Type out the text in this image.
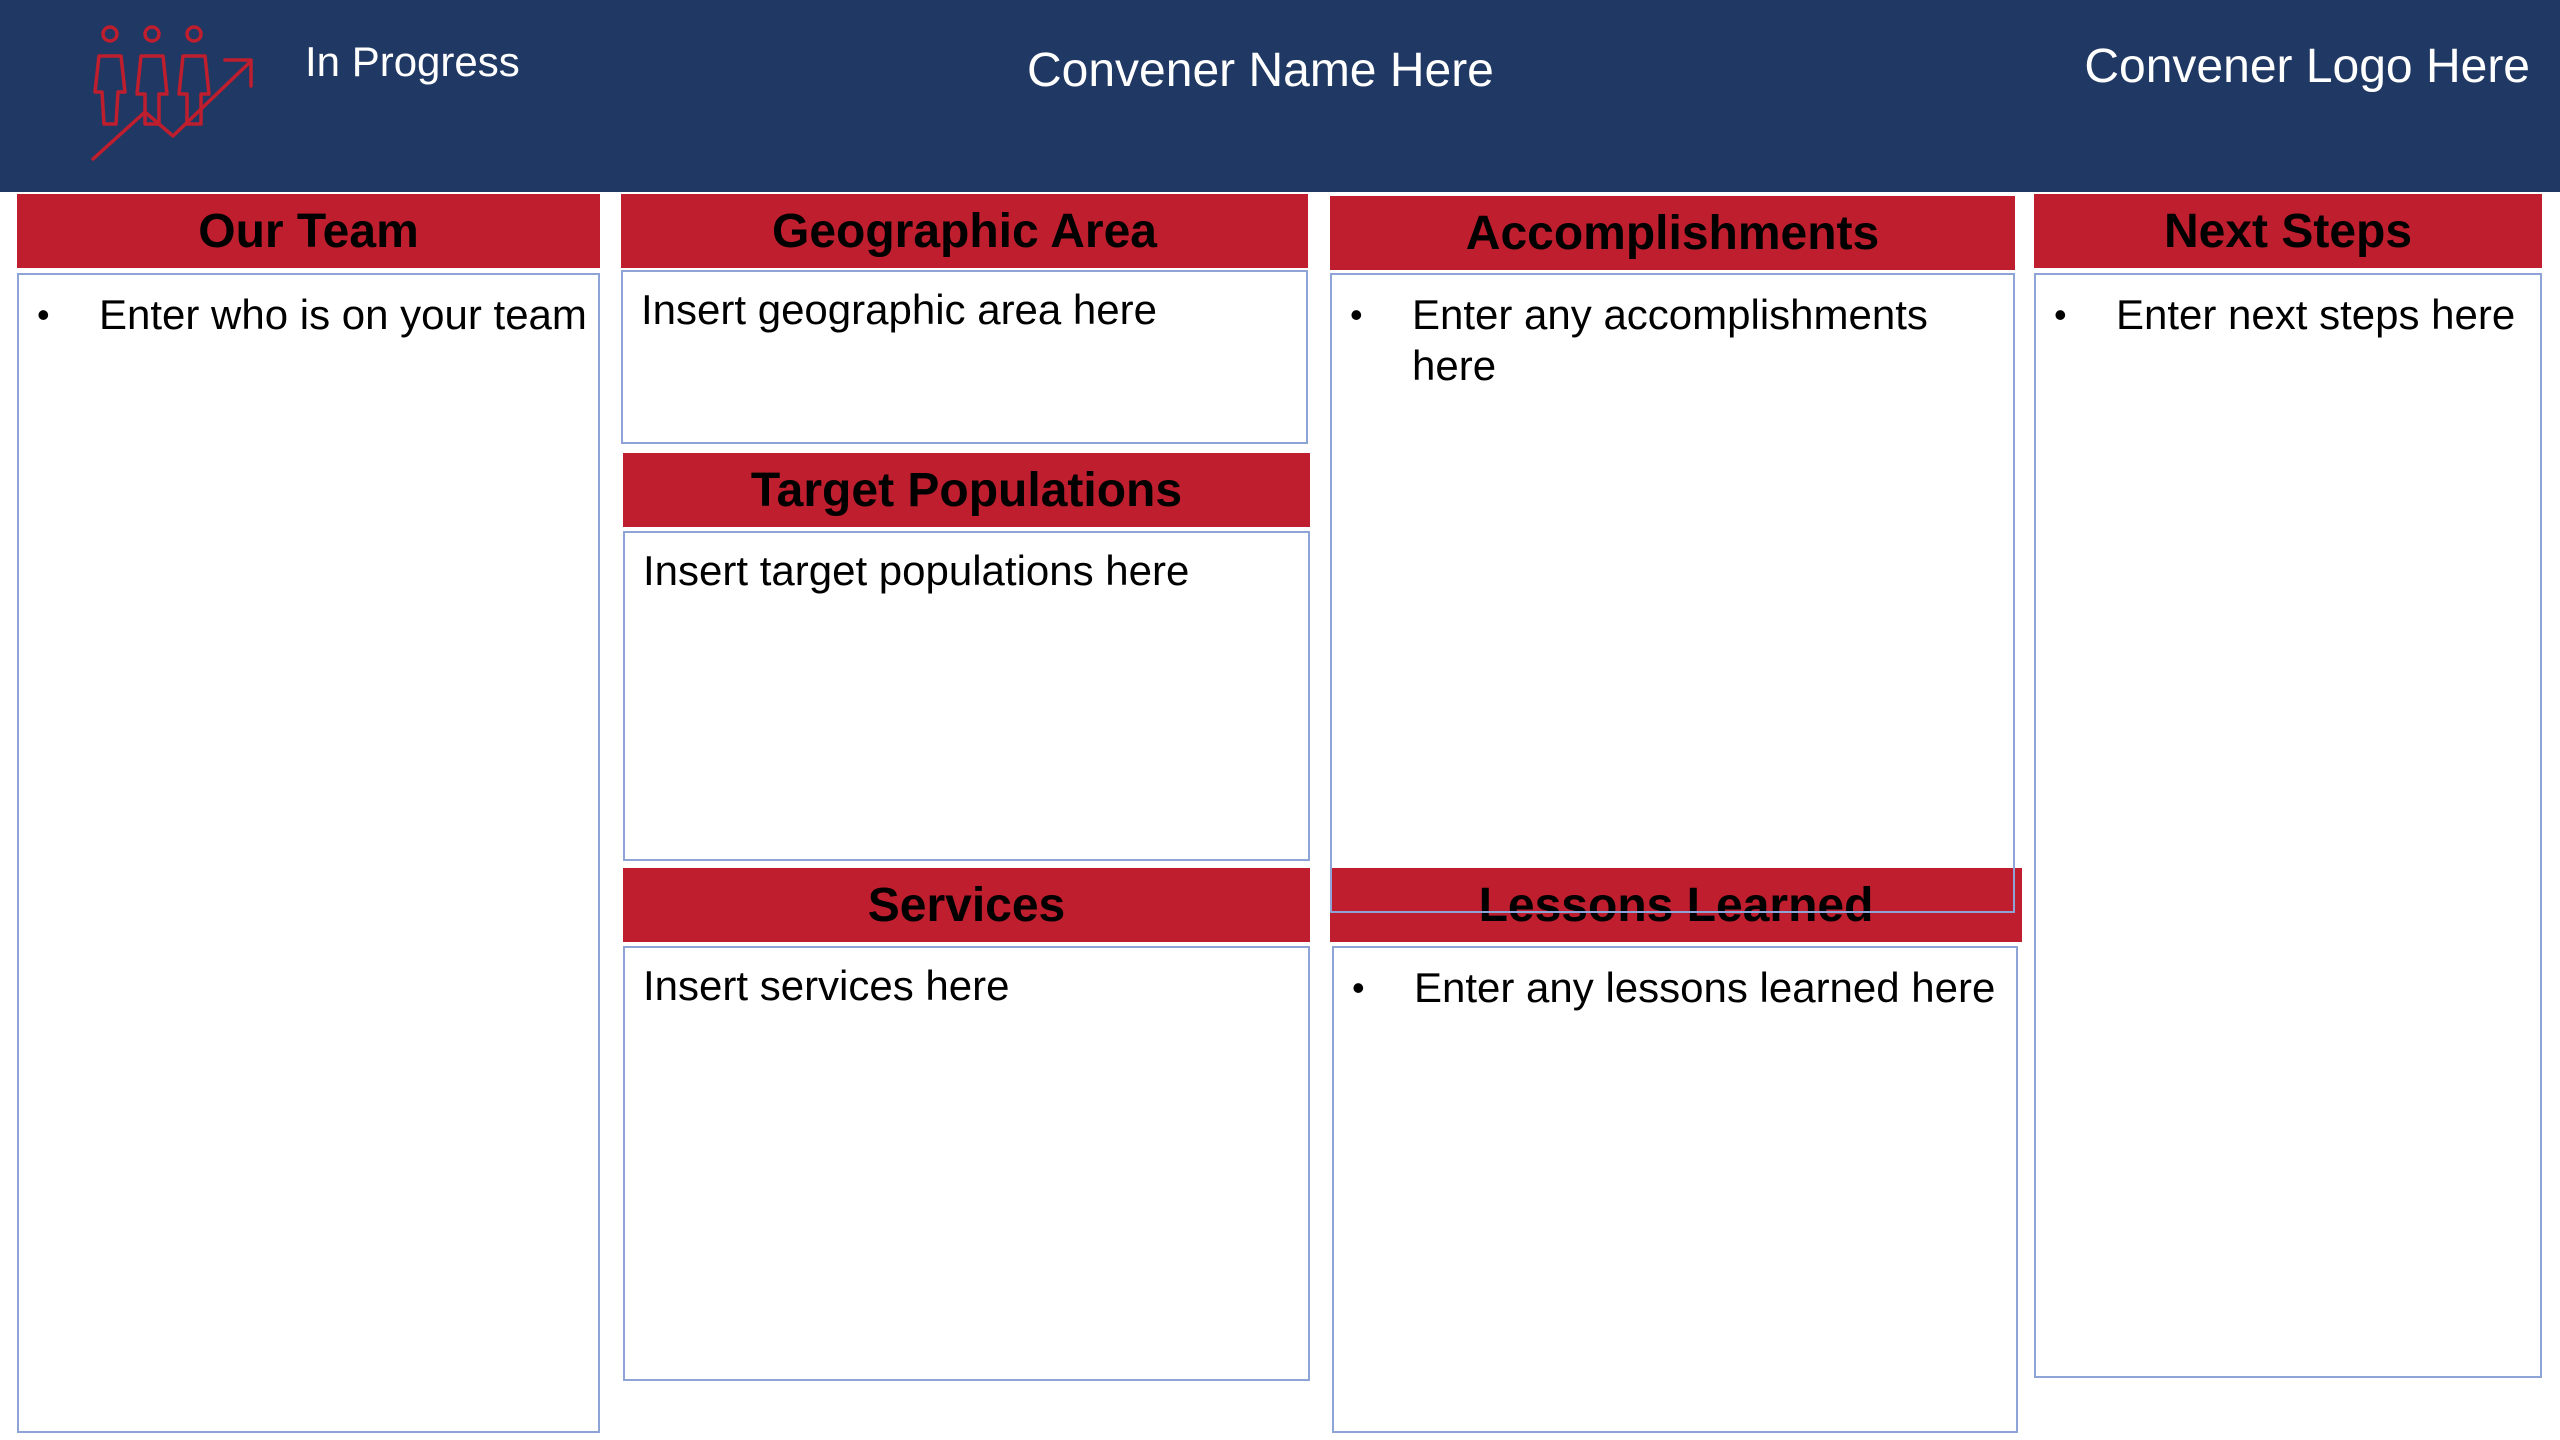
In Progress	Convener Name Here	Convener Logo Here
Our Team
•	Enter who is on your team
Geographic Area
Insert geographic area here
Target Populations
Insert target populations here
Services
Insert services here
Accomplishments
•	Enter any accomplishments here
Lessons Learned
•	Enter any lessons learned here
Next Steps
•	Enter next steps here
